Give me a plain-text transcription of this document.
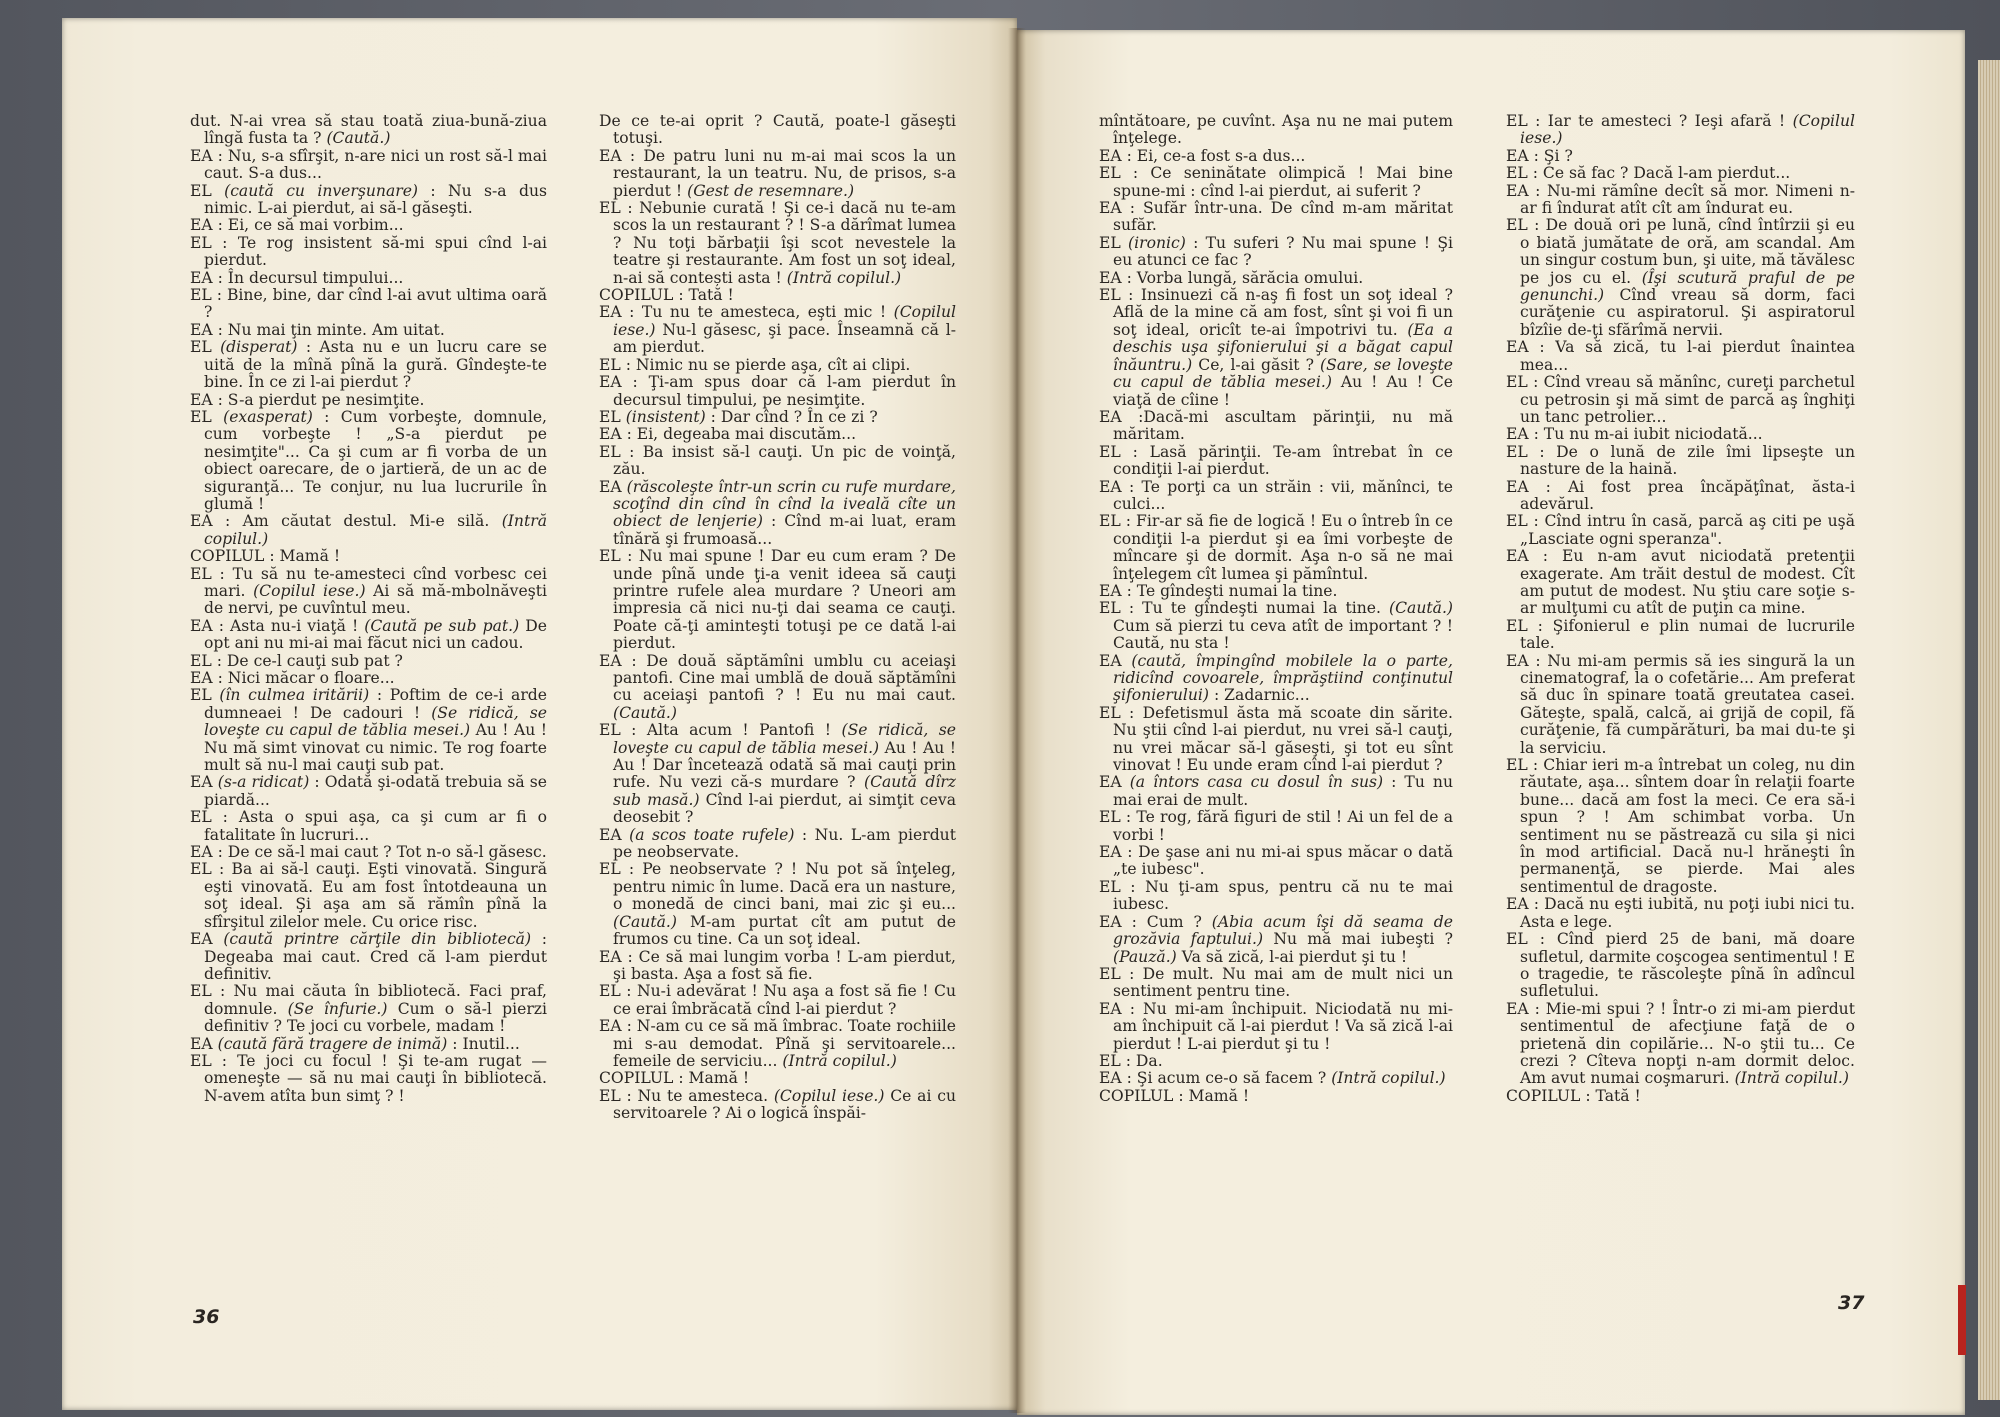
dut. N-ai vrea să stau toată ziua-bună-ziua lîngă fusta ta ? (Caută.)

EA : Nu, s-a sfîrşit, n-are nici un rost să-l mai caut. S-a dus...

EL (caută cu inverşunare) : Nu s-a dus nimic. L-ai pierdut, ai să-l găseşti.

EA : Ei, ce să mai vorbim...

EL : Te rog insistent să-mi spui cînd l-ai pierdut.

EA : În decursul timpului...

EL : Bine, bine, dar cînd l-ai avut ultima oară ?

EA : Nu mai ţin minte. Am uitat.

EL (disperat) : Asta nu e un lucru care se uită de la mînă pînă la gură. Gîndeşte-te bine. În ce zi l-ai pierdut ?

EA : S-a pierdut pe nesimţite.

EL (exasperat) : Cum vorbeşte, domnule, cum vorbeşte ! „S-a pierdut pe nesimţite"... Ca şi cum ar fi vorba de un obiect oarecare, de o jartieră, de un ac de siguranţă... Te conjur, nu lua lucrurile în glumă !

EA : Am căutat destul. Mi-e silă. (Intră copilul.)

COPILUL : Mamă !

EL : Tu să nu te-amesteci cînd vorbesc cei mari. (Copilul iese.) Ai să mă-mbolnăveşti de nervi, pe cuvîntul meu.

EA : Asta nu-i viaţă ! (Caută pe sub pat.) De opt ani nu mi-ai mai făcut nici un cadou.

EL : De ce-l cauţi sub pat ?

EA : Nici măcar o floare...

EL (în culmea iritării) : Poftim de ce-i arde dumneaei ! De cadouri ! (Se ridică, se loveşte cu capul de tăblia mesei.) Au ! Au ! Nu mă simt vinovat cu nimic. Te rog foarte mult să nu-l mai cauţi sub pat.

EA (s-a ridicat) : Odată şi-odată trebuia să se piardă...

EL : Asta o spui aşa, ca şi cum ar fi o fatalitate în lucruri...

EA : De ce să-l mai caut ? Tot n-o să-l găsesc.

EL : Ba ai să-l cauţi. Eşti vinovată. Singură eşti vinovată. Eu am fost întotdeauna un soţ ideal. Şi aşa am să rămîn pînă la sfîrşitul zilelor mele. Cu orice risc.

EA (caută printre cărţile din bibliotecă) : Degeaba mai caut. Cred că l-am pierdut definitiv.

EL : Nu mai căuta în bibliotecă. Faci praf, domnule. (Se înfurie.) Cum o să-l pierzi definitiv ? Te joci cu vorbele, madam !

EA (caută fără tragere de inimă) : Inutil...

EL : Te joci cu focul ! Şi te-am rugat — omeneşte — să nu mai cauţi în bibliotecă. N-avem atîta bun simţ ? !

De ce te-ai oprit ? Caută, poate-l găseşti totuşi.

EA : De patru luni nu m-ai mai scos la un restaurant, la un teatru. Nu, de prisos, s-a pierdut ! (Gest de resemnare.)

EL : Nebunie curată ! Şi ce-i dacă nu te-am scos la un restaurant ? ! S-a dărîmat lumea ? Nu toţi bărbaţii îşi scot nevestele la teatre şi restaurante. Am fost un soţ ideal, n-ai să contești asta ! (Intră copilul.)

COPILUL : Tată !

EA : Tu nu te amesteca, eşti mic ! (Copilul iese.) Nu-l găsesc, şi pace. Înseamnă că l-am pierdut.

EL : Nimic nu se pierde aşa, cît ai clipi.

EA : Ţi-am spus doar că l-am pierdut în decursul timpului, pe nesimţite.

EL (insistent) : Dar cînd ? În ce zi ?

EA : Ei, degeaba mai discutăm...

EL : Ba insist să-l cauţi. Un pic de voinţă, zău.

EA (răscoleşte într-un scrin cu rufe murdare, scoţînd din cînd în cînd la iveală cîte un obiect de lenjerie) : Cînd m-ai luat, eram tînără şi frumoasă...

EL : Nu mai spune ! Dar eu cum eram ? De unde pînă unde ţi-a venit ideea să cauţi printre rufele alea murdare ? Uneori am impresia că nici nu-ţi dai seama ce cauţi. Poate că-ţi aminteşti totuşi pe ce dată l-ai pierdut.

EA : De două săptămîni umblu cu aceiaşi pantofi. Cine mai umblă de două săptămîni cu aceiaşi pantofi ? ! Eu nu mai caut. (Caută.)

EL : Alta acum ! Pantofi ! (Se ridică, se loveşte cu capul de tăblia mesei.) Au ! Au ! Au ! Dar încetează odată să mai cauţi prin rufe. Nu vezi că-s murdare ? (Caută dîrz sub masă.) Cînd l-ai pierdut, ai simţit ceva deosebit ?

EA (a scos toate rufele) : Nu. L-am pierdut pe neobservate.

EL : Pe neobservate ? ! Nu pot să înţeleg, pentru nimic în lume. Dacă era un nasture, o monedă de cinci bani, mai zic şi eu... (Caută.) M-am purtat cît am putut de frumos cu tine. Ca un soţ ideal.

EA : Ce să mai lungim vorba ! L-am pierdut, şi basta. Aşa a fost să fie.

EL : Nu-i adevărat ! Nu aşa a fost să fie ! Cu ce erai îmbrăcată cînd l-ai pierdut ?

EA : N-am cu ce să mă îmbrac. Toate rochiile mi s-au demodat. Pînă şi servitoarele... femeile de serviciu... (Intră copilul.)

COPILUL : Mamă !

EL : Nu te amesteca. (Copilul iese.) Ce ai cu servitoarele ? Ai o logică înspăi-

mîntătoare, pe cuvînt. Aşa nu ne mai putem înţelege.

EA : Ei, ce-a fost s-a dus...

EL : Ce seninătate olimpică ! Mai bine spune-mi : cînd l-ai pierdut, ai suferit ?

EA : Sufăr într-una. De cînd m-am măritat sufăr.

EL (ironic) : Tu suferi ? Nu mai spune ! Şi eu atunci ce fac ?

EA : Vorba lungă, sărăcia omului.

EL : Insinuezi că n-aş fi fost un soţ ideal ? Află de la mine că am fost, sînt şi voi fi un soţ ideal, oricît te-ai împotrivi tu. (Ea a deschis uşa şifonierului şi a băgat capul înăuntru.) Ce, l-ai găsit ? (Sare, se loveşte cu capul de tăblia mesei.) Au ! Au ! Ce viaţă de cîine !

EA :Dacă-mi ascultam părinţii, nu mă măritam.

EL : Lasă părinţii. Te-am întrebat în ce condiţii l-ai pierdut.

EA : Te porţi ca un străin : vii, mănînci, te culci...

EL : Fir-ar să fie de logică ! Eu o întreb în ce condiţii l-a pierdut şi ea îmi vorbeşte de mîncare şi de dormit. Aşa n-o să ne mai înţelegem cît lumea şi pămîntul.

EA : Te gîndeşti numai la tine.

EL : Tu te gîndeşti numai la tine. (Caută.) Cum să pierzi tu ceva atît de important ? ! Caută, nu sta !

EA (caută, împingînd mobilele la o parte, ridicînd covoarele, împrăştiind conţinutul şifonierului) : Zadarnic...

EL : Defetismul ăsta mă scoate din sărite. Nu ştii cînd l-ai pierdut, nu vrei să-l cauţi, nu vrei măcar să-l găseşti, şi tot eu sînt vinovat ! Eu unde eram cînd l-ai pierdut ?

EA (a întors casa cu dosul în sus) : Tu nu mai erai de mult.

EL : Te rog, fără figuri de stil ! Ai un fel de a vorbi !

EA : De şase ani nu mi-ai spus măcar o dată „te iubesc".

EL : Nu ţi-am spus, pentru că nu te mai iubesc.

EA : Cum ? (Abia acum îşi dă seama de grozăvia faptului.) Nu mă mai iubeşti ? (Pauză.) Va să zică, l-ai pierdut şi tu !

EL : De mult. Nu mai am de mult nici un sentiment pentru tine.

EA : Nu mi-am închipuit. Niciodată nu mi-am închipuit că l-ai pierdut ! Va să zică l-ai pierdut ! L-ai pierdut şi tu !

EL : Da.

EA : Şi acum ce-o să facem ? (Intră copilul.)

COPILUL : Mamă !

EL : Iar te amesteci ? Ieşi afară ! (Copilul iese.)

EA : Şi ?

EL : Ce să fac ? Dacă l-am pierdut...

EA : Nu-mi rămîne decît să mor. Nimeni n-ar fi îndurat atît cît am îndurat eu.

EL : De două ori pe lună, cînd întîrzii şi eu o biată jumătate de oră, am scandal. Am un singur costum bun, şi uite, mă tăvălesc pe jos cu el. (Îşi scutură praful de pe genunchi.) Cînd vreau să dorm, faci curăţenie cu aspiratorul. Şi aspiratorul bîzîie de-ţi sfărîmă nervii.

EA : Va să zică, tu l-ai pierdut înaintea mea...

EL : Cînd vreau să mănînc, cureţi parchetul cu petrosin şi mă simt de parcă aş înghiţi un tanc petrolier...

EA : Tu nu m-ai iubit niciodată...

EL : De o lună de zile îmi lipseşte un nasture de la haină.

EA : Ai fost prea încăpăţînat, ăsta-i adevărul.

EL : Cînd intru în casă, parcă aş citi pe uşă „Lasciate ogni speranza".

EA : Eu n-am avut niciodată pretenţii exagerate. Am trăit destul de modest. Cît am putut de modest. Nu ştiu care soţie s-ar mulţumi cu atît de puţin ca mine.

EL : Şifonierul e plin numai de lucrurile tale.

EA : Nu mi-am permis să ies singură la un cinematograf, la o cofetărie... Am preferat să duc în spinare toată greutatea casei. Găteşte, spală, calcă, ai grijă de copil, fă curăţenie, fă cumpărături, ba mai du-te şi la serviciu.

EL : Chiar ieri m-a întrebat un coleg, nu din răutate, aşa... sîntem doar în relaţii foarte bune... dacă am fost la meci. Ce era să-i spun ? ! Am schimbat vorba. Un sentiment nu se păstrează cu sila şi nici în mod artificial. Dacă nu-l hrăneşti în permanenţă, se pierde. Mai ales sentimentul de dragoste.

EA : Dacă nu eşti iubită, nu poţi iubi nici tu. Asta e lege.

EL : Cînd pierd 25 de bani, mă doare sufletul, darmite coşcogea sentimentul ! E o tragedie, te răscoleşte pînă în adîncul sufletului.

EA : Mie-mi spui ? ! Într-o zi mi-am pierdut sentimentul de afecţiune faţă de o prietenă din copilărie... N-o ştii tu... Ce crezi ? Cîteva nopţi n-am dormit deloc. Am avut numai coşmaruri. (Intră copilul.)

COPILUL : Tată !

36
37
